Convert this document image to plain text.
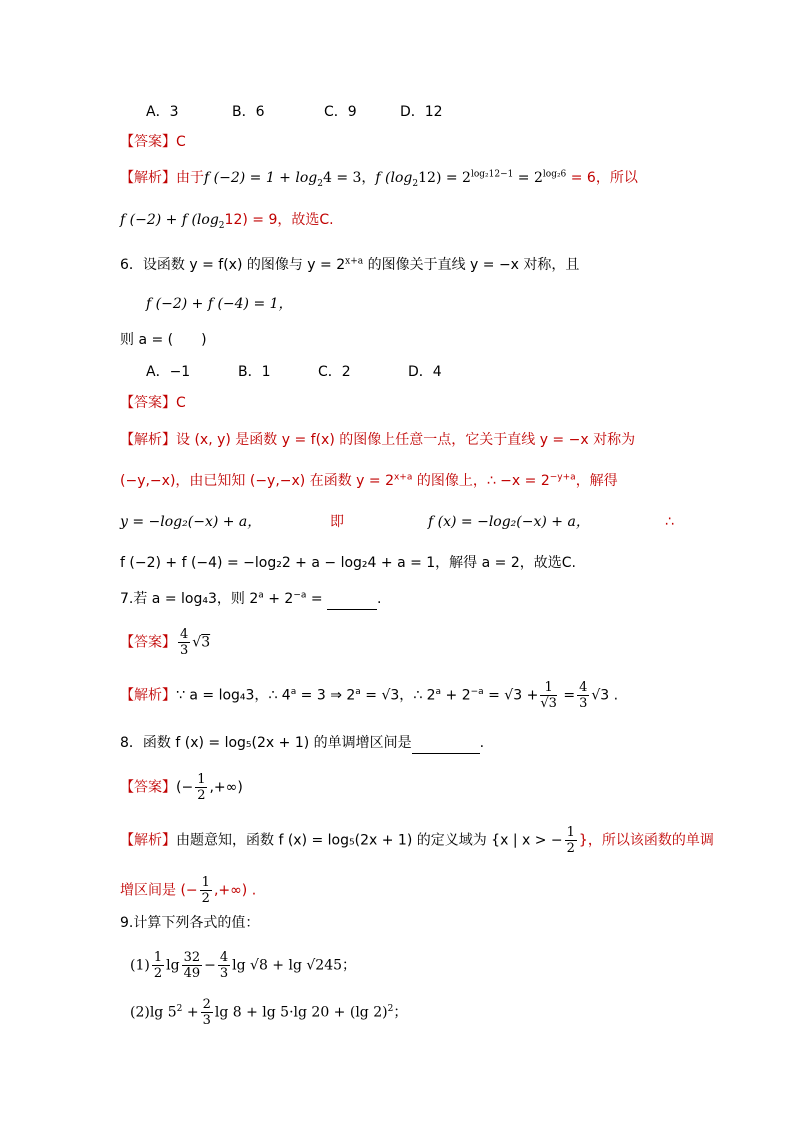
A．3	B．6	C．9	D．12
【答案】C
【解析】由于f $(-2) = 1 + \log_24 = 3$，f $(\log_212) = 2^{log_212-1} = 2^{log_26} = 6$，所以
f (−2) + f $(\log_212) = 9$，故选C.
6．设函数 y = f(x) 的图像与 $y = 2^{x+a}$ 的图像关于直线 y = −x 对称，且
f (−2) + f (−4) = 1，
则 a = (　　)
A．−1	B．1	C．2	D．4
【答案】C
【解析】设 (x, y) 是函数 y = f(x) 的图像上任意一点，它关于直线 y = −x 对称为
(−y,−x)，由已知知 (−y,−x) 在函数 $y = 2^{x+a}$ 的图像上，∴ $-x = 2^{-y+a}$，解得
y = −log₂(−x) + a，	即	f (x) = −log₂(−x) + a，	∴
f (−2) + f (−4) = −log₂2 + a − log₂4 + a = 1，解得 a = 2，故选C.
7.若 a = log₄3，则 $2^a + 2^{-a}$ =	.
【答案】 $\frac{4}{3} √3$
【解析】∵ a = log₄3，∴ $4^a = 3$ ⇒ $2^a = √3$，∴ $2^a + 2^{-a} = √3 + \frac{1}{√3} = \frac{4}{3} √3$ .
8．函数 f (x) = log₅(2x + 1) 的单调增区间是	.
【答案】(− $\frac{1}{2}$ ,+∞)
【解析】由题意知，函数 f (x) = log₅(2x + 1) 的定义域为 {x | x > − $\frac{1}{2}$ }，所以该函数的单调
增区间是 (− $\frac{1}{2}$ ,+∞) .
9.计算下列各式的值：
$(1) \frac{1}{2}$ $\lg \frac{32}{49} - \frac{4}{3}$ lg √8 + lg √245；
(2)lg $5^2 + \frac{2}{3}$ lg 8 + lg 5·lg 20 + (lg 2)$^2$；
